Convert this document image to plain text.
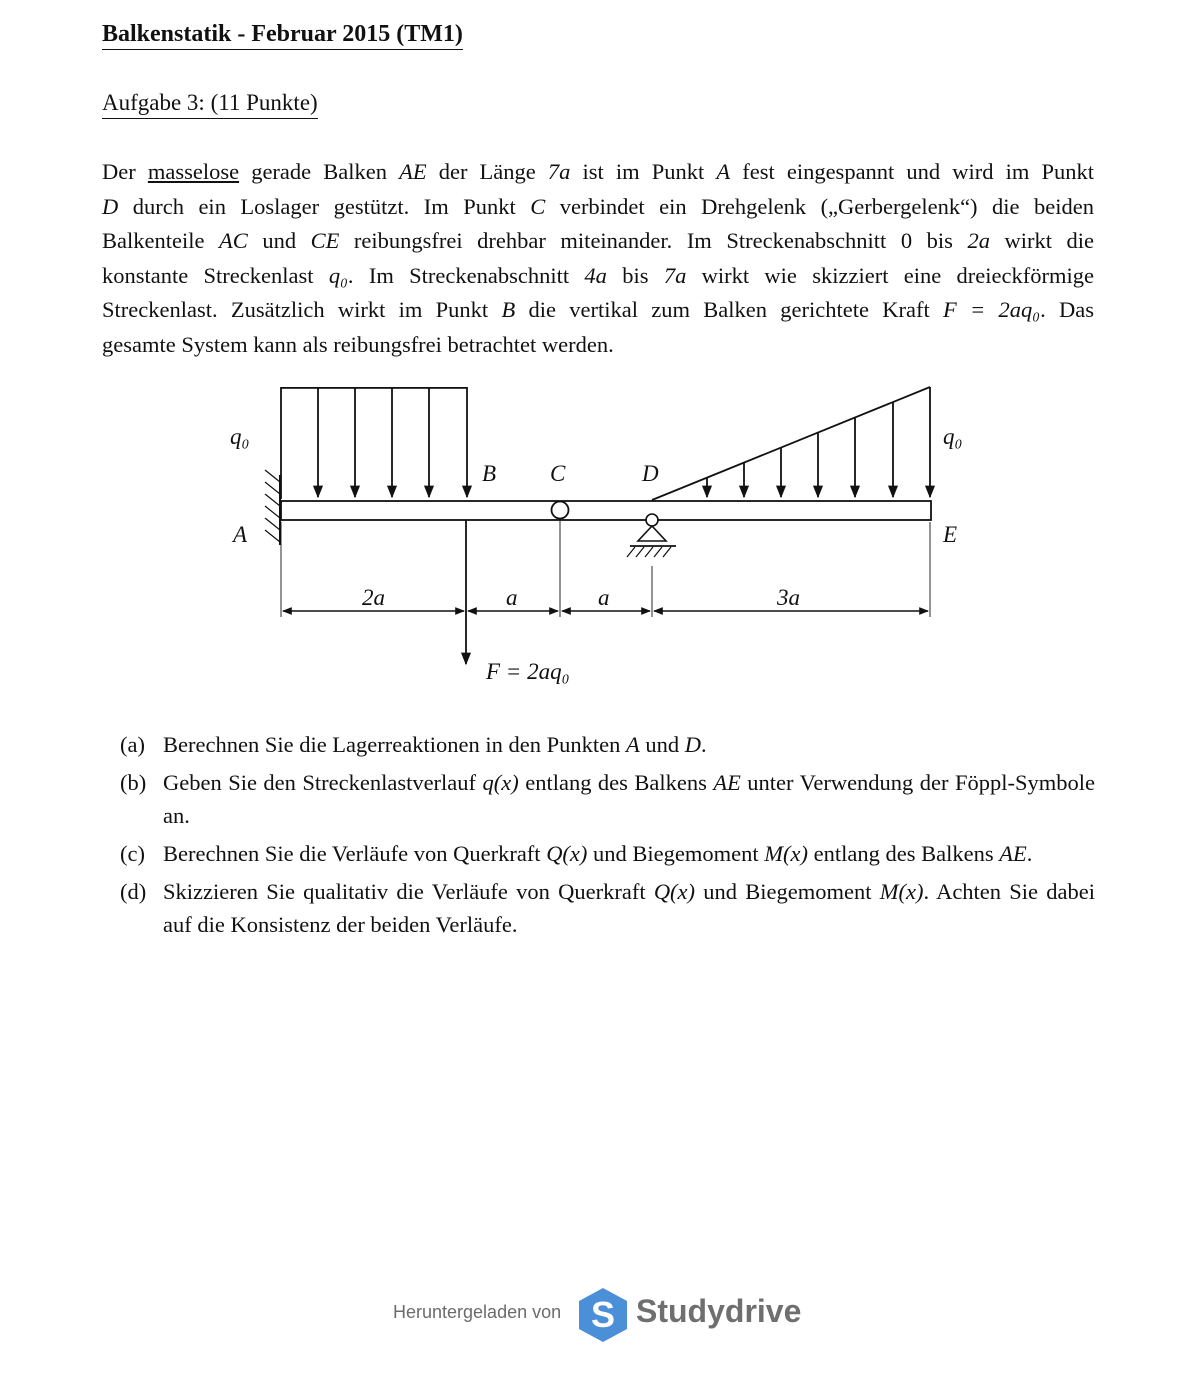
Balkenstatik - Februar 2015 (TM1)
Aufgabe 3: (11 Punkte)
Der masselose gerade Balken AE der Länge 7a ist im Punkt A fest eingespannt und wird im Punkt
D durch ein Loslager gestützt. Im Punkt C verbindet ein Drehgelenk („Gerbergelenk“) die beiden
Balkenteile AC und CE reibungsfrei drehbar miteinander. Im Streckenabschnitt 0 bis 2a wirkt die
konstante Streckenlast q₀. Im Streckenabschnitt 4a bis 7a wirkt wie skizziert eine dreieckförmige
Streckenlast. Zusätzlich wirkt im Punkt B die vertikal zum Balken gerichtete Kraft F = 2aq₀. Das
gesamte System kann als reibungsfrei betrachtet werden.
q₀	q₀
A
B C	D
E
2a	a	a	3a
F = 2aq₀
(a) Berechnen Sie die Lagerreaktionen in den Punkten A und D.
(b) Geben Sie den Streckenlastverlauf q(x) entlang des Balkens AE unter Verwendung der Föppl-Symbole an.
(c) Berechnen Sie die Verläufe von Querkraft Q(x) und Biegemoment M(x) entlang des Balkens AE.
(d) Skizzieren Sie qualitativ die Verläufe von Querkraft Q(x) und Biegemoment M(x). Achten Sie dabei auf die Konsistenz der beiden Verläufe.
Heruntergeladen von S Studydrive
